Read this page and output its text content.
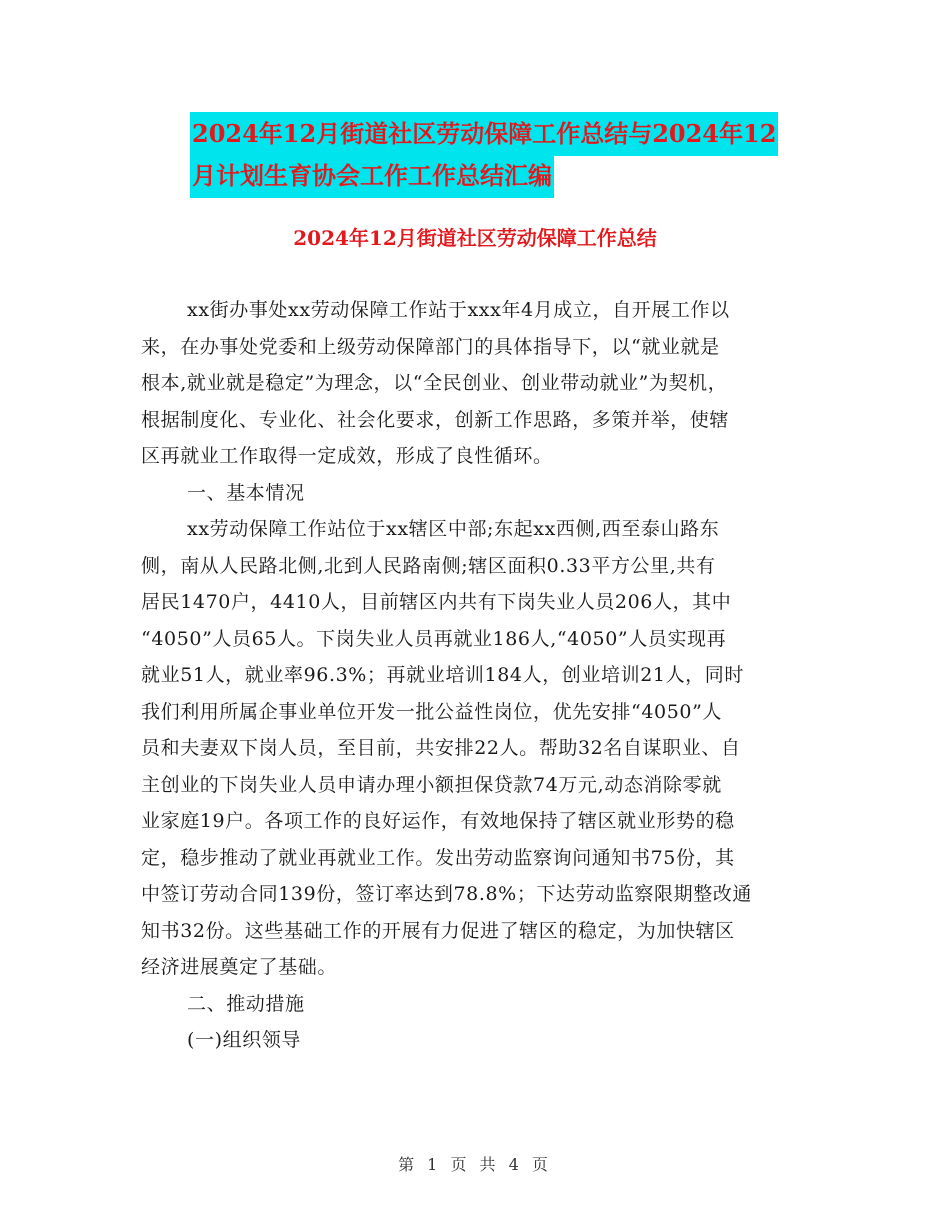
2024年12月街道社区劳动保障工作总结与2024年12
月计划生育协会工作工作总结汇编
2024年12月街道社区劳动保障工作总结
xx街办事处xx劳动保障工作站于xxx年4月成立，自开展工作以
来，在办事处党委和上级劳动保障部门的具体指导下，以“就业就是
根本,就业就是稳定”为理念，以“全民创业、创业带动就业”为契机，
根据制度化、专业化、社会化要求，创新工作思路，多策并举，使辖
区再就业工作取得一定成效，形成了良性循环。
一、基本情况
xx劳动保障工作站位于xx辖区中部;东起xx西侧,西至泰山路东
侧，南从人民路北侧,北到人民路南侧;辖区面积0.33平方公里,共有
居民1470户，4410人，目前辖区内共有下岗失业人员206人，其中
“4050”人员65人。下岗失业人员再就业186人,“4050”人员实现再
就业51人，就业率96.3%；再就业培训184人，创业培训21人，同时
我们利用所属企事业单位开发一批公益性岗位，优先安排“4050”人
员和夫妻双下岗人员，至目前，共安排22人。帮助32名自谋职业、自
主创业的下岗失业人员申请办理小额担保贷款74万元,动态消除零就
业家庭19户。各项工作的良好运作，有效地保持了辖区就业形势的稳
定，稳步推动了就业再就业工作。发出劳动监察询问通知书75份，其
中签订劳动合同139份，签订率达到78.8%；下达劳动监察限期整改通
知书32份。这些基础工作的开展有力促进了辖区的稳定，为加快辖区
经济进展奠定了基础。
二、推动措施
(一)组织领导
第 1 页 共 4 页
